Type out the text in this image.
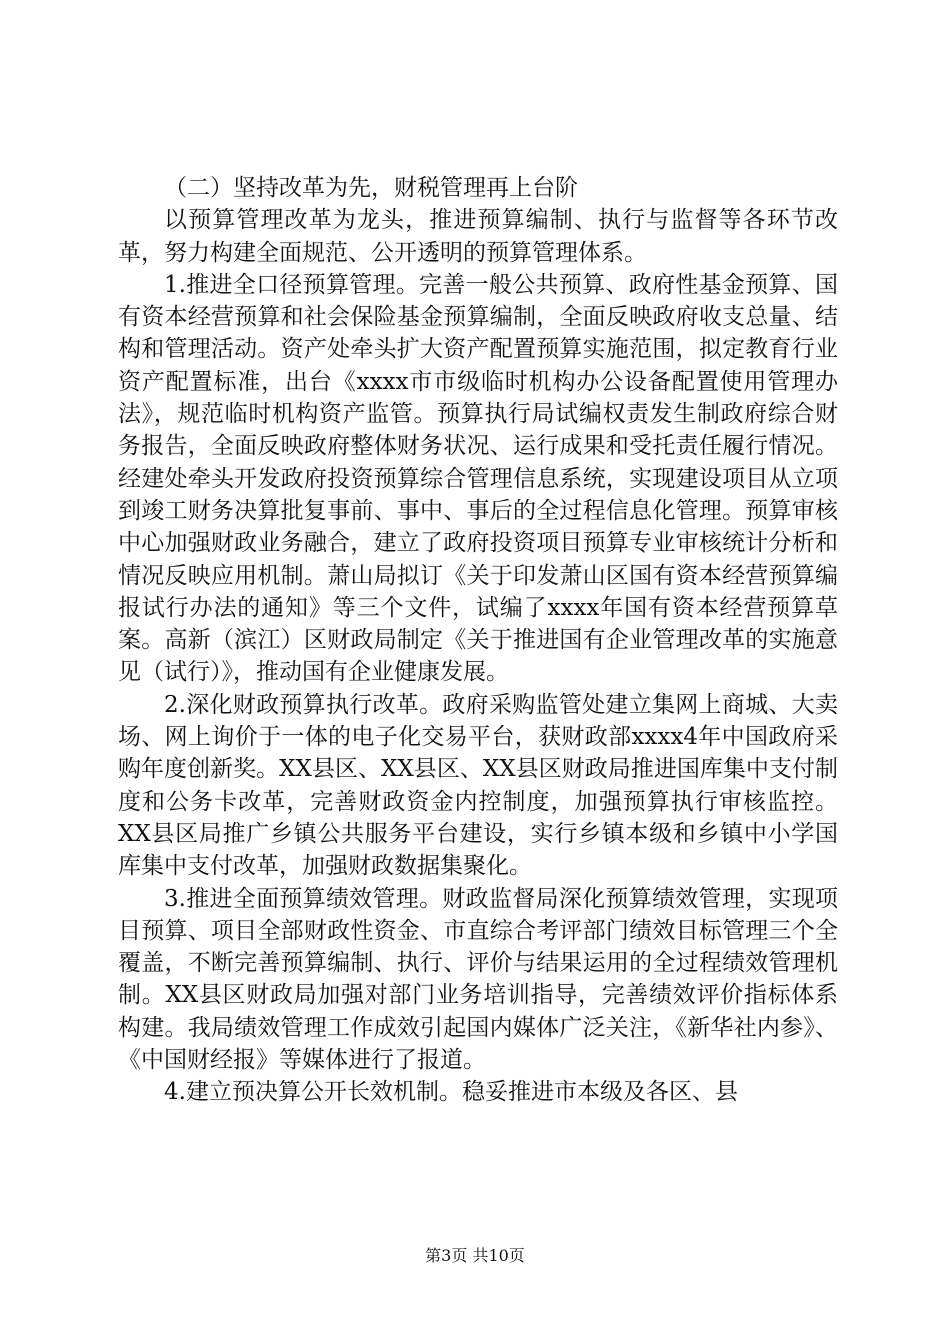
（二）坚持改革为先，财税管理再上台阶

以预算管理改革为龙头，推进预算编制、执行与监督等各环节改革，努力构建全面规范、公开透明的预算管理体系。

1.推进全口径预算管理。完善一般公共预算、政府性基金预算、国有资本经营预算和社会保险基金预算编制，全面反映政府收支总量、结构和管理活动。资产处牵头扩大资产配置预算实施范围，拟定教育行业资产配置标准，出台《xxxx市市级临时机构办公设备配置使用管理办法》，规范临时机构资产监管。预算执行局试编权责发生制政府综合财务报告，全面反映政府整体财务状况、运行成果和受托责任履行情况。经建处牵头开发政府投资预算综合管理信息系统，实现建设项目从立项到竣工财务决算批复事前、事中、事后的全过程信息化管理。预算审核中心加强财政业务融合，建立了政府投资项目预算专业审核统计分析和情况反映应用机制。萧山局拟订《关于印发萧山区国有资本经营预算编报试行办法的通知》等三个文件，试编了xxxx年国有资本经营预算草案。高新（滨江）区财政局制定《关于推进国有企业管理改革的实施意见（试行）》，推动国有企业健康发展。

2.深化财政预算执行改革。政府采购监管处建立集网上商城、大卖场、网上询价于一体的电子化交易平台，获财政部xxxx4年中国政府采购年度创新奖。XX县区、XX县区、XX县区财政局推进国库集中支付制度和公务卡改革，完善财政资金内控制度，加强预算执行审核监控。XX县区局推广乡镇公共服务平台建设，实行乡镇本级和乡镇中小学国库集中支付改革，加强财政数据集聚化。

3.推进全面预算绩效管理。财政监督局深化预算绩效管理，实现项目预算、项目全部财政性资金、市直综合考评部门绩效目标管理三个全覆盖，不断完善预算编制、执行、评价与结果运用的全过程绩效管理机制。XX县区财政局加强对部门业务培训指导，完善绩效评价指标体系构建。我局绩效管理工作成效引起国内媒体广泛关注，《新华社内参》、《中国财经报》等媒体进行了报道。

4.建立预决算公开长效机制。稳妥推进市本级及各区、县

第3页 共10页
